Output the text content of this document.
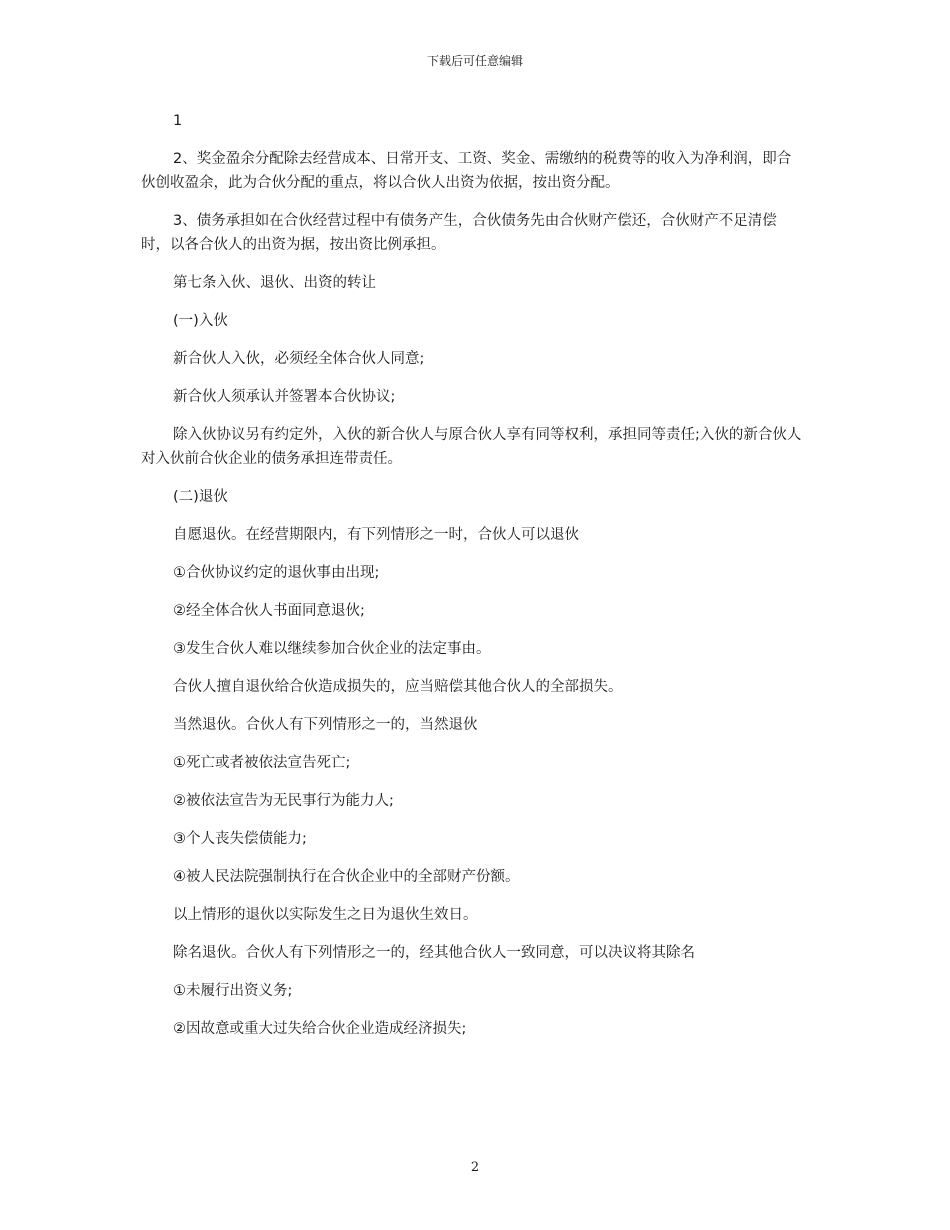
下载后可任意编辑

1

2、奖金盈余分配除去经营成本、日常开支、工资、奖金、需缴纳的税费等的收入为净利润，即合伙创收盈余，此为合伙分配的重点，将以合伙人出资为依据，按出资分配。

3、债务承担如在合伙经营过程中有债务产生，合伙债务先由合伙财产偿还，合伙财产不足清偿时，以各合伙人的出资为据，按出资比例承担。

第七条入伙、退伙、出资的转让

(一)入伙

新合伙人入伙，必须经全体合伙人同意;

新合伙人须承认并签署本合伙协议;

除入伙协议另有约定外，入伙的新合伙人与原合伙人享有同等权利，承担同等责任;入伙的新合伙人对入伙前合伙企业的债务承担连带责任。

(二)退伙

自愿退伙。在经营期限内，有下列情形之一时，合伙人可以退伙

①合伙协议约定的退伙事由出现;

②经全体合伙人书面同意退伙;

③发生合伙人难以继续参加合伙企业的法定事由。

合伙人擅自退伙给合伙造成损失的，应当赔偿其他合伙人的全部损失。

当然退伙。合伙人有下列情形之一的，当然退伙

①死亡或者被依法宣告死亡;

②被依法宣告为无民事行为能力人;

③个人丧失偿债能力;

④被人民法院强制执行在合伙企业中的全部财产份额。

以上情形的退伙以实际发生之日为退伙生效日。

除名退伙。合伙人有下列情形之一的，经其他合伙人一致同意，可以决议将其除名

①未履行出资义务;

②因故意或重大过失给合伙企业造成经济损失;

2
